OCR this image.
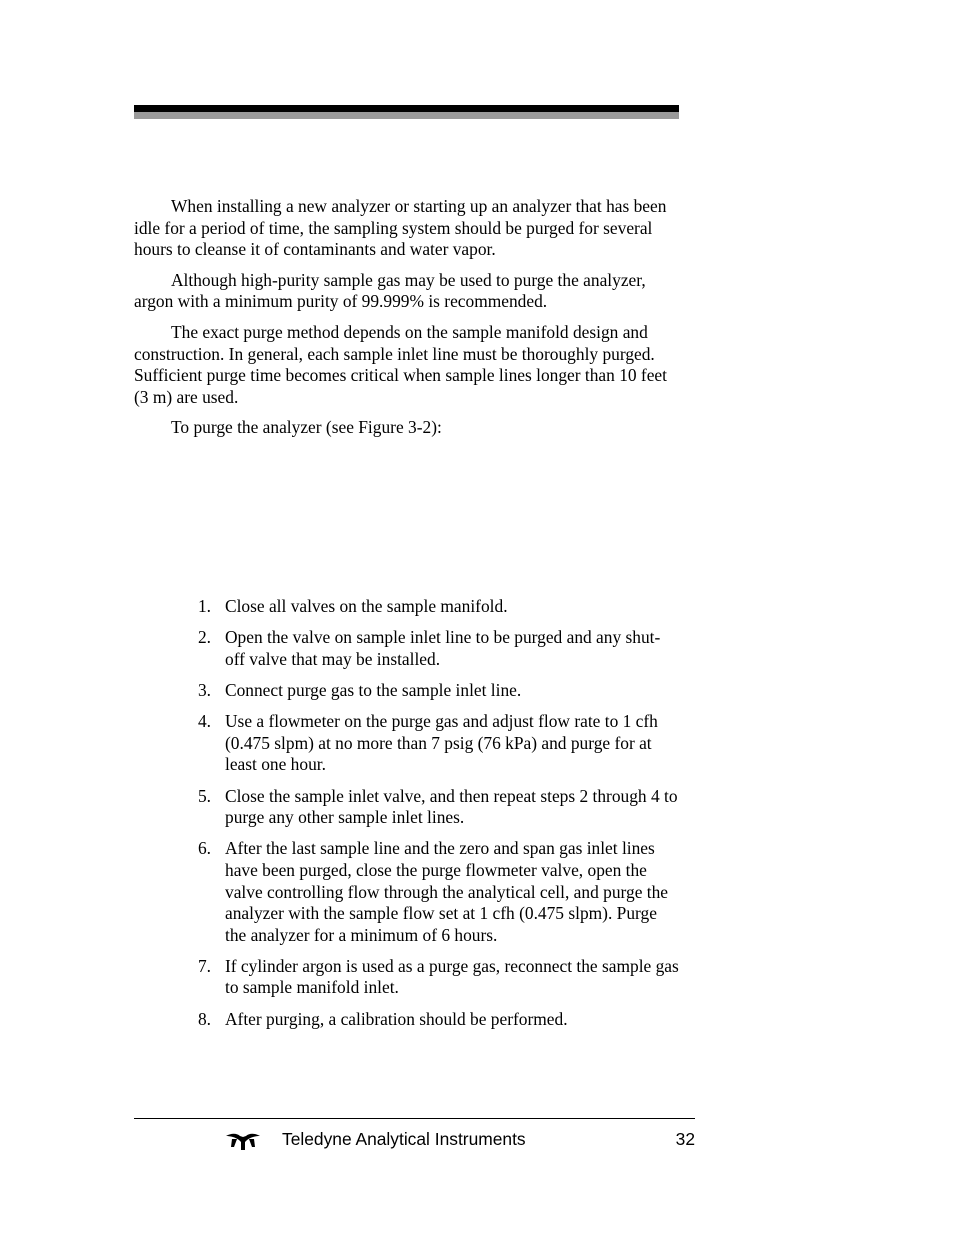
When installing a new analyzer or starting up an analyzer that has been idle for a period of time, the sampling system should be purged for several hours to cleanse it of contaminants and water vapor.

Although high-purity sample gas may be used to purge the analyzer, argon with a minimum purity of 99.999% is recommended.

The exact purge method depends on the sample manifold design and construction. In general, each sample inlet line must be thoroughly purged. Sufficient purge time becomes critical when sample lines longer than 10 feet (3 m) are used.

To purge the analyzer (see Figure 3-2):

1. Close all valves on the sample manifold.
2. Open the valve on sample inlet line to be purged and any shut-off valve that may be installed.
3. Connect purge gas to the sample inlet line.
4. Use a flowmeter on the purge gas and adjust flow rate to 1 cfh (0.475 slpm) at no more than 7 psig (76 kPa) and purge for at least one hour.
5. Close the sample inlet valve, and then repeat steps 2 through 4 to purge any other sample inlet lines.
6. After the last sample line and the zero and span gas inlet lines have been purged, close the purge flowmeter valve, open the valve controlling flow through the analytical cell, and purge the analyzer with the sample flow set at 1 cfh (0.475 slpm). Purge the analyzer for a minimum of 6 hours.
7. If cylinder argon is used as a purge gas, reconnect the sample gas to sample manifold inlet.
8. After purging, a calibration should be performed.
Teledyne Analytical Instruments	32
